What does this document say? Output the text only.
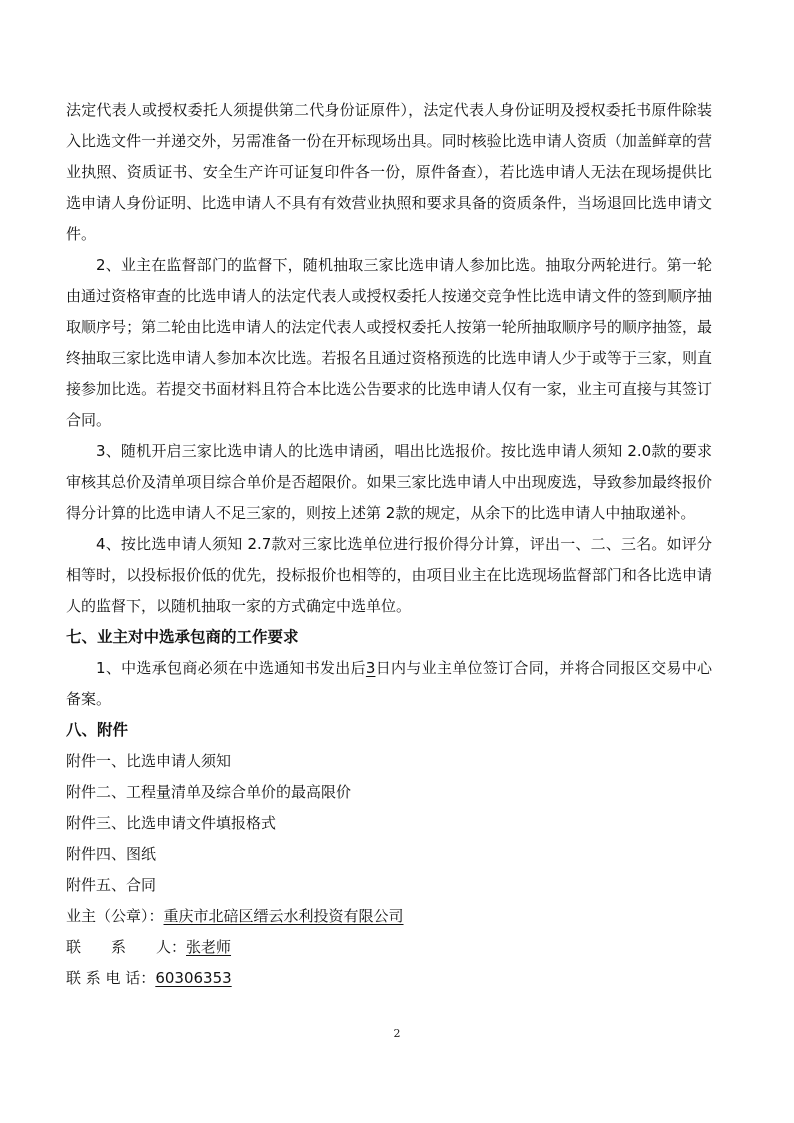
法定代表人或授权委托人须提供第二代身份证原件），法定代表人身份证明及授权委托书原件除装入比选文件一并递交外，另需准备一份在开标现场出具。同时核验比选申请人资质（加盖鲜章的营业执照、资质证书、安全生产许可证复印件各一份，原件备查），若比选申请人无法在现场提供比选申请人身份证明、比选申请人不具有有效营业执照和要求具备的资质条件，当场退回比选申请文件。

2、业主在监督部门的监督下，随机抽取三家比选申请人参加比选。抽取分两轮进行。第一轮由通过资格审查的比选申请人的法定代表人或授权委托人按递交竞争性比选申请文件的签到顺序抽取顺序号；第二轮由比选申请人的法定代表人或授权委托人按第一轮所抽取顺序号的顺序抽签，最终抽取三家比选申请人参加本次比选。若报名且通过资格预选的比选申请人少于或等于三家，则直接参加比选。若提交书面材料且符合本比选公告要求的比选申请人仅有一家，业主可直接与其签订合同。

3、随机开启三家比选申请人的比选申请函，唱出比选报价。按比选申请人须知 2.0款的要求审核其总价及清单项目综合单价是否超限价。如果三家比选申请人中出现废选，导致参加最终报价得分计算的比选申请人不足三家的，则按上述第 2款的规定，从余下的比选申请人中抽取递补。

4、按比选申请人须知 2.7款对三家比选单位进行报价得分计算，评出一、二、三名。如评分相等时，以投标报价低的优先，投标报价也相等的，由项目业主在比选现场监督部门和各比选申请人的监督下，以随机抽取一家的方式确定中选单位。

七、业主对中选承包商的工作要求

1、中选承包商必须在中选通知书发出后3日内与业主单位签订合同，并将合同报区交易中心备案。

八、附件

附件一、比选申请人须知

附件二、工程量清单及综合单价的最高限价

附件三、比选申请文件填报格式

附件四、图纸

附件五、合同

业主（公章）：重庆市北碚区缙云水利投资有限公司

联　　系　　人：张老师

联 系 电 话：60306353

2
